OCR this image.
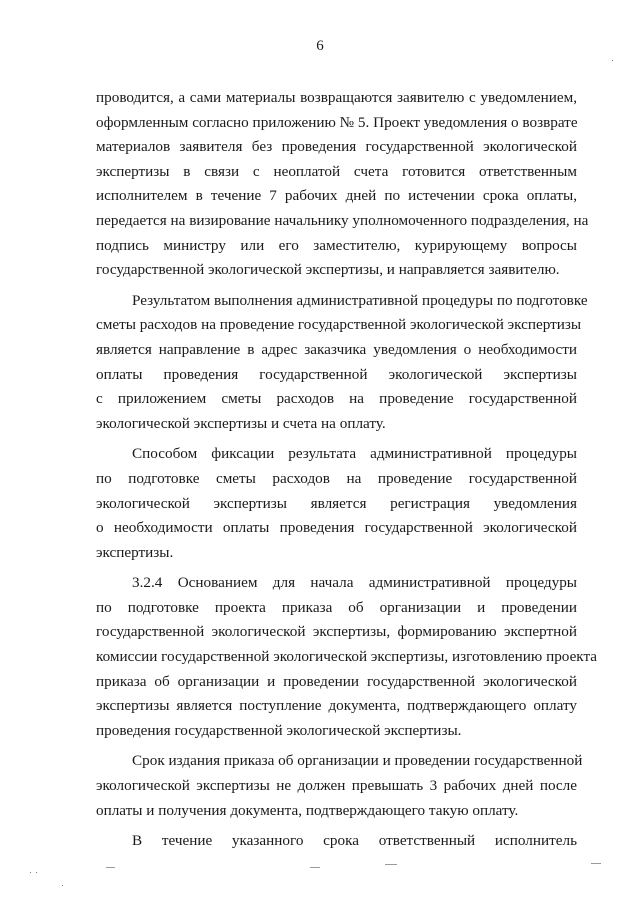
6

проводится, а сами материалы возвращаются заявителю с уведомлением,
оформленным согласно приложению № 5. Проект уведомления о возврате
материалов заявителя без проведения государственной экологической
экспертизы в связи с неоплатой счета готовится ответственным
исполнителем в течение 7 рабочих дней по истечении срока оплаты,
передается на визирование начальнику уполномоченного подразделения, на
подпись министру или его заместителю, курирующему вопросы
государственной экологической экспертизы, и направляется заявителю.

Результатом выполнения административной процедуры по подготовке
сметы расходов на проведение государственной экологической экспертизы
является направление в адрес заказчика уведомления о необходимости
оплаты проведения государственной экологической экспертизы
с приложением сметы расходов на проведение государственной
экологической экспертизы и счета на оплату.

Способом фиксации результата административной процедуры
по подготовке сметы расходов на проведение государственной
экологической экспертизы является регистрация уведомления
о необходимости оплаты проведения государственной экологической
экспертизы.

3.2.4 Основанием для начала административной процедуры
по подготовке проекта приказа об организации и проведении
государственной экологической экспертизы, формированию экспертной
комиссии государственной экологической экспертизы, изготовлению проекта
приказа об организации и проведении государственной экологической
экспертизы является поступление документа, подтверждающего оплату
проведения государственной экологической экспертизы.

Срок издания приказа об организации и проведении государственной
экологической экспертизы не должен превышать 3 рабочих дней после
оплаты и получения документа, подтверждающего такую оплату.

В течение указанного срока ответственный исполнитель
